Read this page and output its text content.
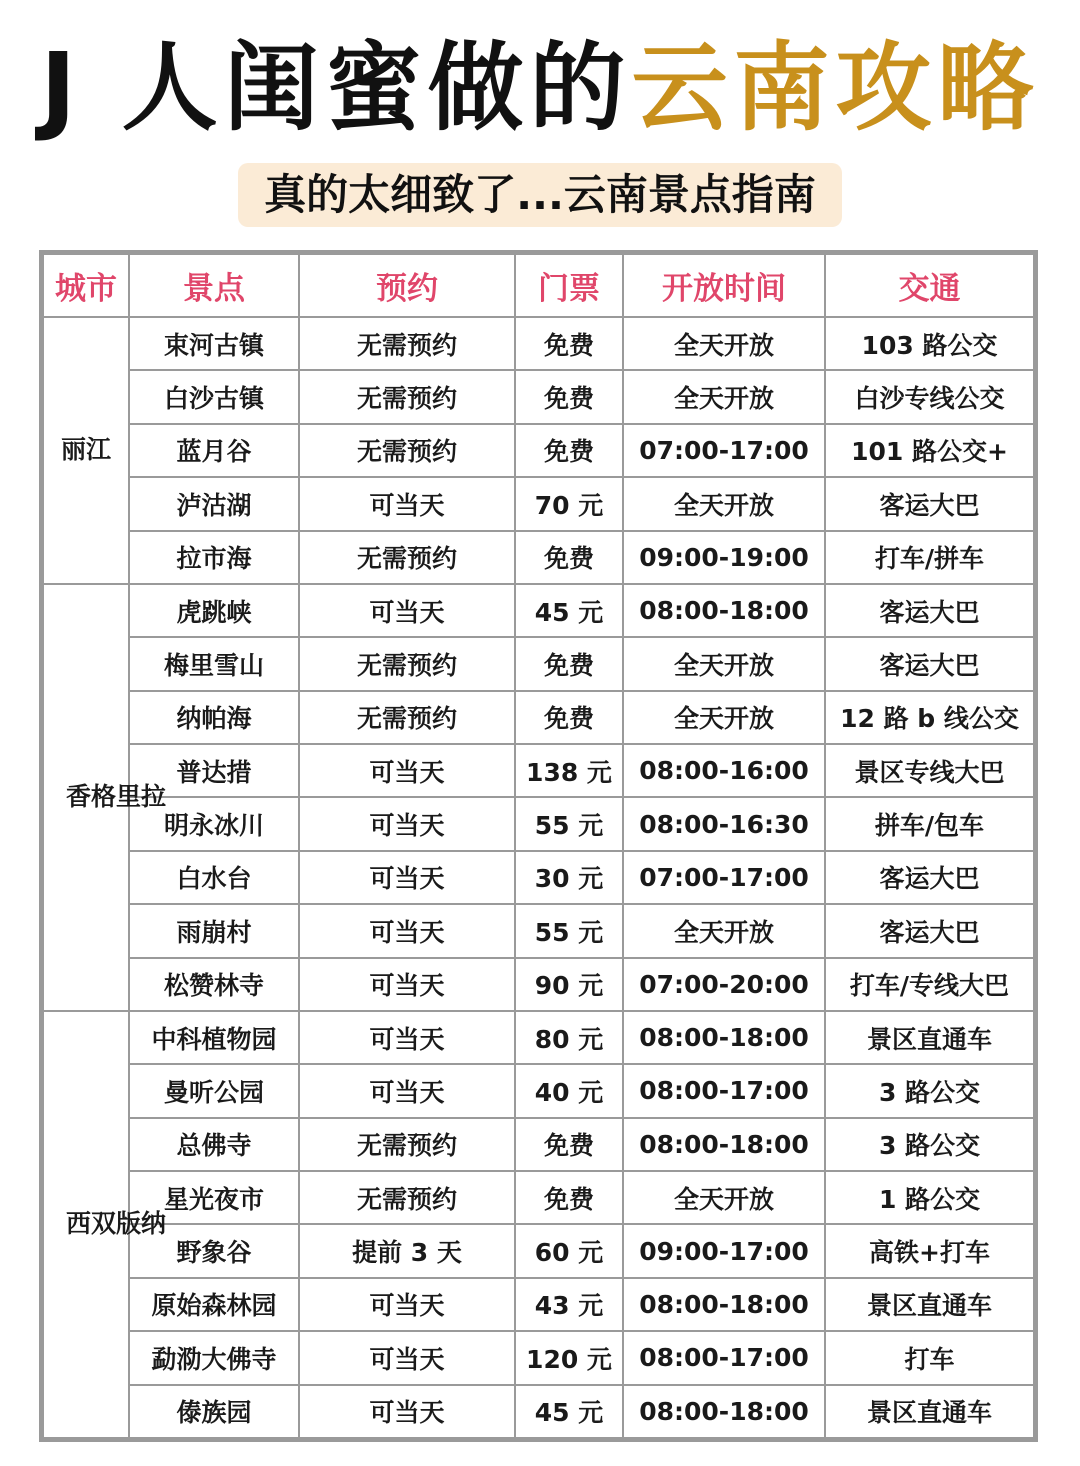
J 人闺蜜做的云南攻略
真的太细致了...云南景点指南
城市	景点	预约	门票	开放时间	交通
丽江	束河古镇	无需预约	免费	全天开放	103 路公交
	白沙古镇	无需预约	免费	全天开放	白沙专线公交
	蓝月谷	无需预约	免费	07:00-17:00	101 路公交+
	泸沽湖	可当天	70 元	全天开放	客运大巴
	拉市海	无需预约	免费	09:00-19:00	打车/拼车
香格里拉	虎跳峡	可当天	45 元	08:00-18:00	客运大巴
	梅里雪山	无需预约	免费	全天开放	客运大巴
	纳帕海	无需预约	免费	全天开放	12 路 b 线公交
	普达措	可当天	138 元	08:00-16:00	景区专线大巴
	明永冰川	可当天	55 元	08:00-16:30	拼车/包车
	白水台	可当天	30 元	07:00-17:00	客运大巴
	雨崩村	可当天	55 元	全天开放	客运大巴
	松赞林寺	可当天	90 元	07:00-20:00	打车/专线大巴
西双版纳	中科植物园	可当天	80 元	08:00-18:00	景区直通车
	曼听公园	可当天	40 元	08:00-17:00	3 路公交
	总佛寺	无需预约	免费	08:00-18:00	3 路公交
	星光夜市	无需预约	免费	全天开放	1 路公交
	野象谷	提前 3 天	60 元	09:00-17:00	高铁+打车
	原始森林园	可当天	43 元	08:00-18:00	景区直通车
	勐泐大佛寺	可当天	120 元	08:00-17:00	打车
	傣族园	可当天	45 元	08:00-18:00	景区直通车
